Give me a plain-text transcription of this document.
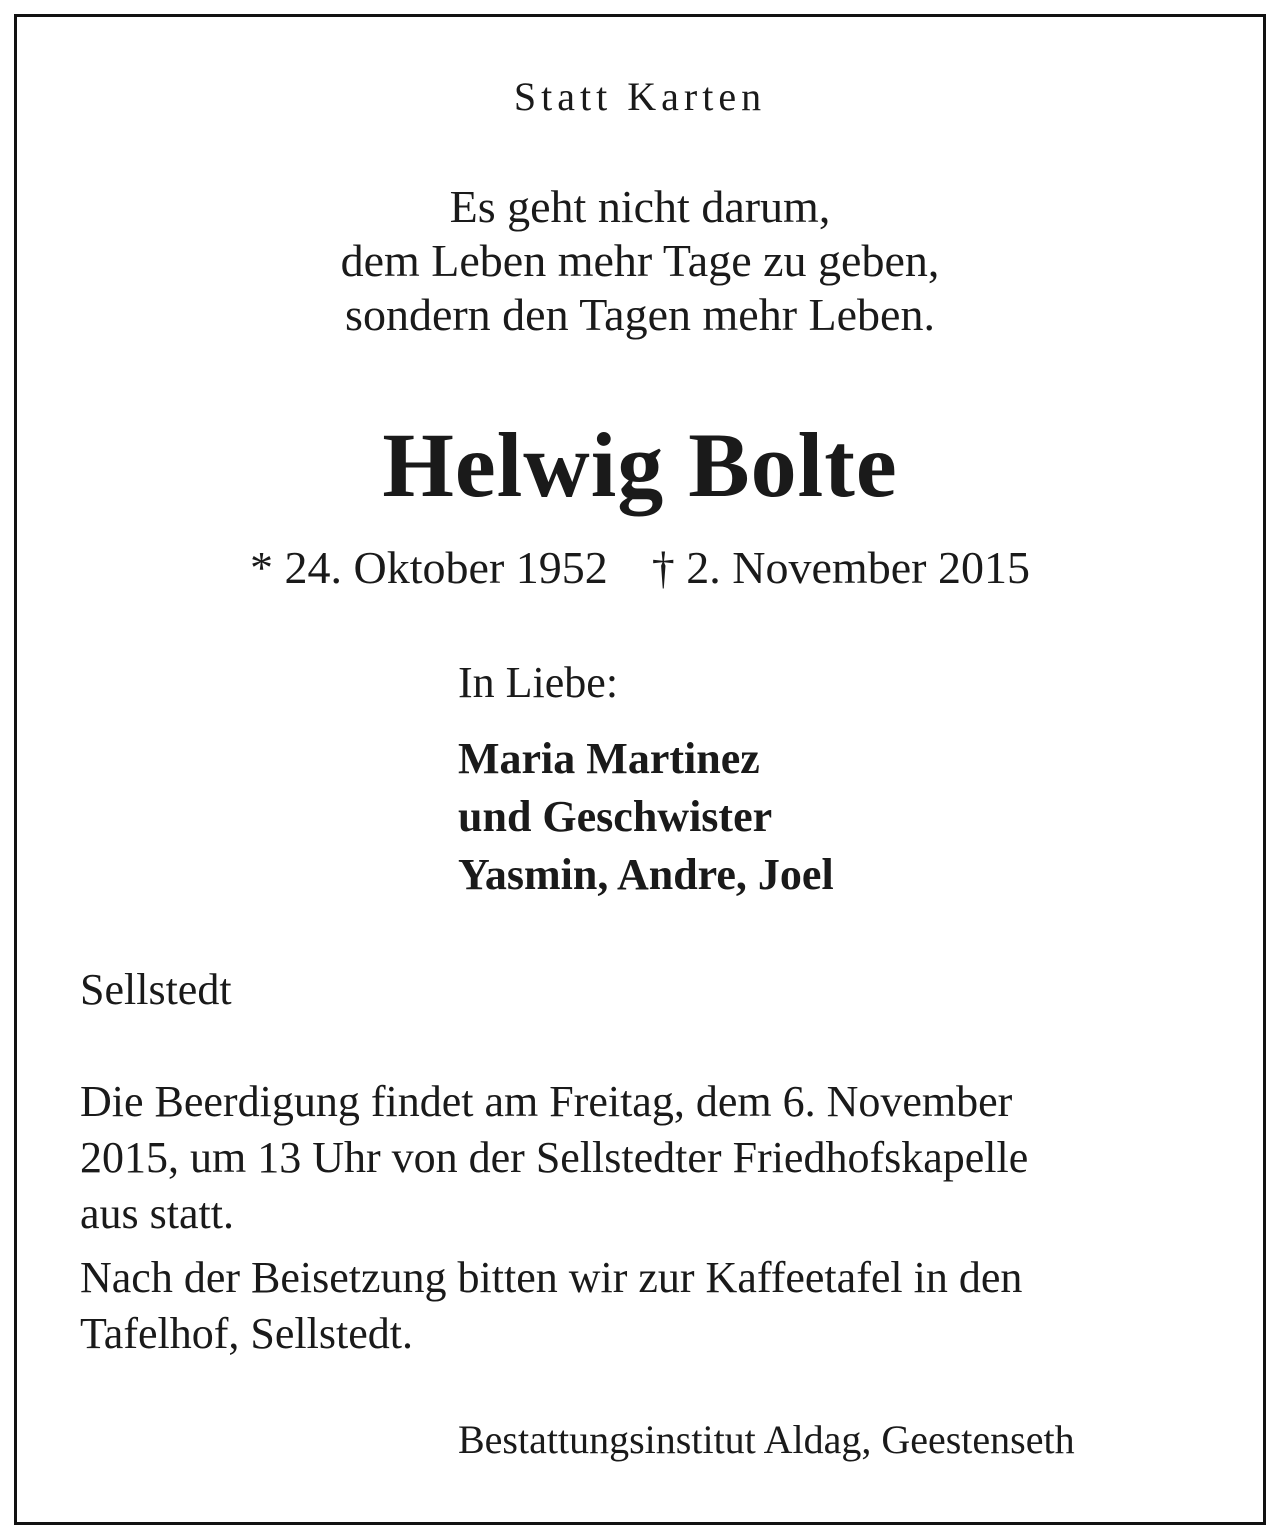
Statt Karten
Es geht nicht darum,
dem Leben mehr Tage zu geben,
sondern den Tagen mehr Leben.
Helwig Bolte
* 24. Oktober 1952 † 2. November 2015
In Liebe:
Maria Martinez
und Geschwister
Yasmin, Andre, Joel
Sellstedt
Die Beerdigung findet am Freitag, dem 6. November
2015, um 13 Uhr von der Sellstedter Friedhofskapelle
aus statt.
Nach der Beisetzung bitten wir zur Kaffeetafel in den
Tafelhof, Sellstedt.
Bestattungsinstitut Aldag, Geestenseth
